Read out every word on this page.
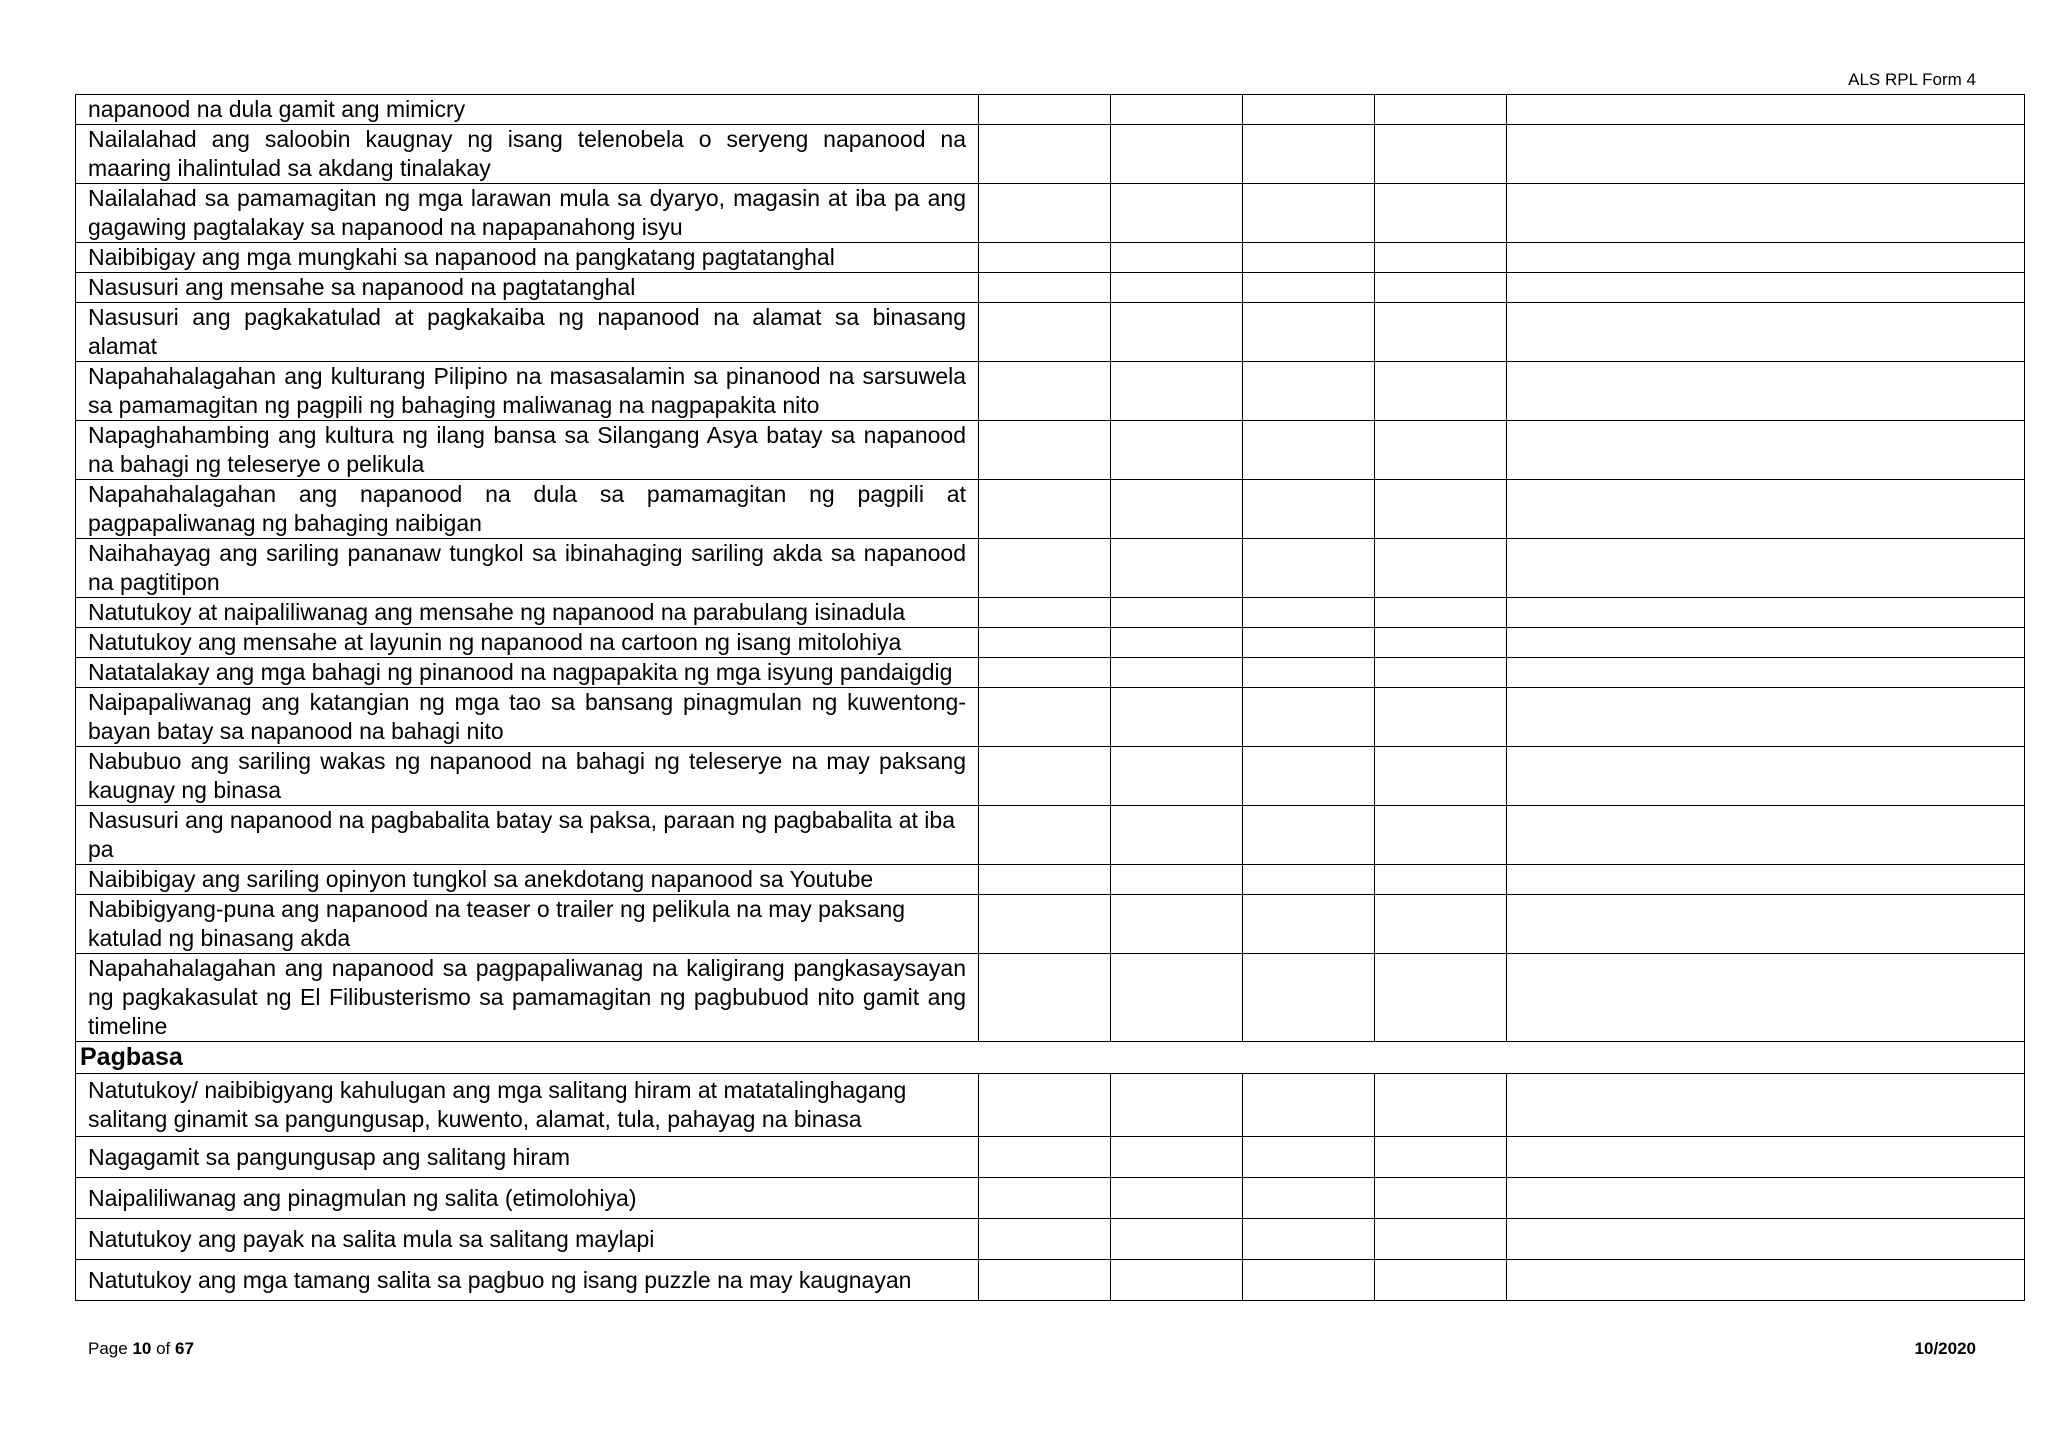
ALS RPL Form 4
napanood na dula gamit ang mimicry					
Nailalahad ang saloobin kaugnay ng isang telenobela o seryeng napanood na maaring ihalintulad sa akdang tinalakay					
Nailalahad sa pamamagitan ng mga larawan mula sa dyaryo, magasin at iba pa ang gagawing pagtalakay sa napanood na napapanahong isyu					
Naibibigay ang mga mungkahi sa napanood na pangkatang pagtatanghal					
Nasusuri ang mensahe sa napanood na pagtatanghal					
Nasusuri ang pagkakatulad at pagkakaiba ng napanood na alamat sa binasang alamat					
Napahahalagahan ang kulturang Pilipino na masasalamin sa pinanood na sarsuwela sa pamamagitan ng pagpili ng bahaging maliwanag na nagpapakita nito					
Napaghahambing ang kultura ng ilang bansa sa Silangang Asya batay sa napanood na bahagi ng teleserye o pelikula					
Napahahalagahan ang napanood na dula sa pamamagitan ng pagpili at pagpapaliwanag ng bahaging naibigan					
Naihahayag ang sariling pananaw tungkol sa ibinahaging sariling akda sa napanood na pagtitipon					
Natutukoy at naipaliliwanag ang mensahe ng napanood na parabulang isinadula					
Natutukoy ang mensahe at layunin ng napanood na cartoon ng isang mitolohiya					
Natatalakay ang mga bahagi ng pinanood na nagpapakita ng mga isyung pandaigdig					
Naipapaliwanag ang katangian ng mga tao sa bansang pinagmulan ng kuwentong-bayan batay sa napanood na bahagi nito					
Nabubuo ang sariling wakas ng napanood na bahagi ng teleserye na may paksang kaugnay ng binasa					
Nasusuri ang napanood na pagbabalita batay sa paksa, paraan ng pagbabalita at iba pa					
Naibibigay ang sariling opinyon tungkol sa anekdotang napanood sa Youtube					
Nabibigyang-puna ang napanood na teaser o trailer ng pelikula na may paksang katulad ng binasang akda					
Napahahalagahan ang napanood sa pagpapaliwanag na kaligirang pangkasaysayan ng pagkakasulat ng El Filibusterismo sa pamamagitan ng pagbubuod nito gamit ang timeline					
Pagbasa					
Natutukoy/ naibibigyang kahulugan ang mga salitang hiram at matatalinghagang salitang ginamit sa pangungusap, kuwento, alamat, tula, pahayag na binasa					
Nagagamit sa pangungusap ang salitang hiram					
Naipaliliwanag ang pinagmulan ng salita (etimolohiya)					
Natutukoy ang payak na salita mula sa salitang maylapi					
Natutukoy ang mga tamang salita sa pagbuo ng isang puzzle na may kaugnayan					
Page 10 of 67	10/2020
